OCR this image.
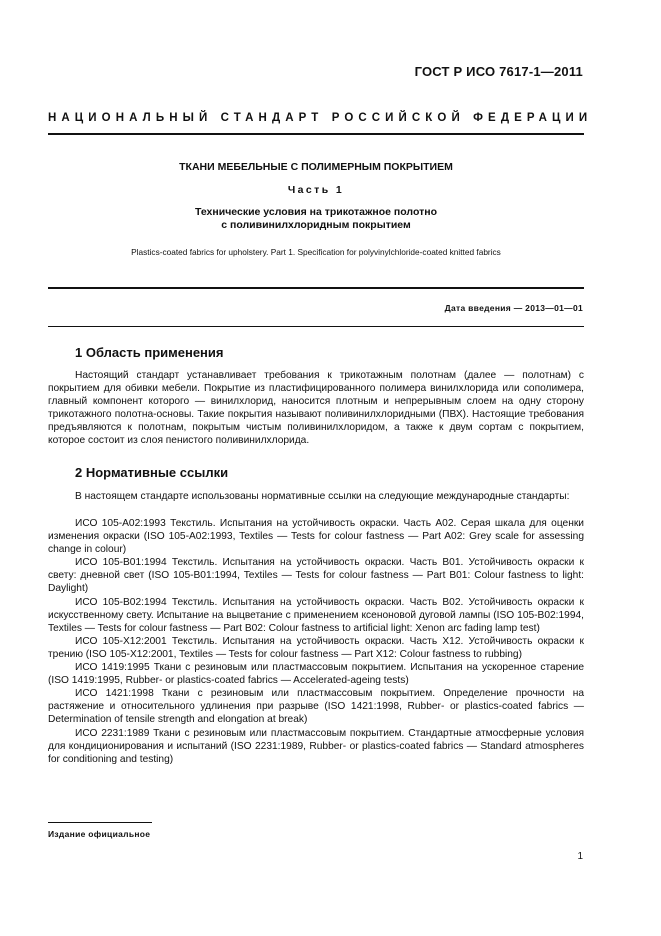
ГОСТ Р ИСО 7617-1—2011
НАЦИОНАЛЬНЫЙ СТАНДАРТ РОССИЙСКОЙ ФЕДЕРАЦИИ
ТКАНИ МЕБЕЛЬНЫЕ С ПОЛИМЕРНЫМ ПОКРЫТИЕМ
Часть 1
Технические условия на трикотажное полотно
с поливинилхлоридным покрытием
Plastics-coated fabrics for upholstery. Part 1. Specification for polyvinylchloride-coated knitted fabrics
Дата введения — 2013—01—01
1 Область применения

Настоящий стандарт устанавливает требования к трикотажным полотнам (далее — полотнам) с покрытием для обивки мебели. Покрытие из пластифицированного полимера винилхлорида или сополимера, главный компонент которого — винилхлорид, наносится плотным и непрерывным слоем на одну сторону трикотажного полотна-основы. Такие покрытия называют поливинилхлоридными (ПВХ). Настоящие требования предъявляются к полотнам, покрытым чистым поливинилхлоридом, а также к двум сортам с покрытием, которое состоит из слоя пенистого поливинилхлорида.

2 Нормативные ссылки

В настоящем стандарте использованы нормативные ссылки на следующие международные стандарты:

ИСО 105-А02:1993 Текстиль. Испытания на устойчивость окраски. Часть А02. Серая шкала для оценки изменения окраски (ISO 105-A02:1993, Textiles — Tests for colour fastness — Part A02: Grey scale for assessing change in colour)

ИСО 105-В01:1994 Текстиль. Испытания на устойчивость окраски. Часть В01. Устойчивость окраски к свету: дневной свет (ISO 105-B01:1994, Textiles — Tests for colour fastness — Part B01: Colour fastness to light: Daylight)

ИСО 105-В02:1994 Текстиль. Испытания на устойчивость окраски. Часть В02. Устойчивость окраски к искусственному свету. Испытание на выцветание с применением ксеноновой дуговой лампы (ISO 105-B02:1994, Textiles — Tests for colour fastness — Part B02: Colour fastness to artificial light: Xenon arc fading lamp test)

ИСО 105-Х12:2001 Текстиль. Испытания на устойчивость окраски. Часть Х12. Устойчивость окраски к трению (ISO 105-X12:2001, Textiles — Tests for colour fastness — Part X12: Colour fastness to rubbing)

ИСО 1419:1995 Ткани с резиновым или пластмассовым покрытием. Испытания на ускоренное старение (ISO 1419:1995, Rubber- or plastics-coated fabrics — Accelerated-ageing tests)

ИСО 1421:1998 Ткани с резиновым или пластмассовым покрытием. Определение прочности на растяжение и относительного удлинения при разрыве (ISO 1421:1998, Rubber- or plastics-coated fabrics — Determination of tensile strength and elongation at break)

ИСО 2231:1989 Ткани с резиновым или пластмассовым покрытием. Стандартные атмосферные условия для кондиционирования и испытаний (ISO 2231:1989, Rubber- or plastics-coated fabrics — Standard atmospheres for conditioning and testing)

Издание официальное
1
